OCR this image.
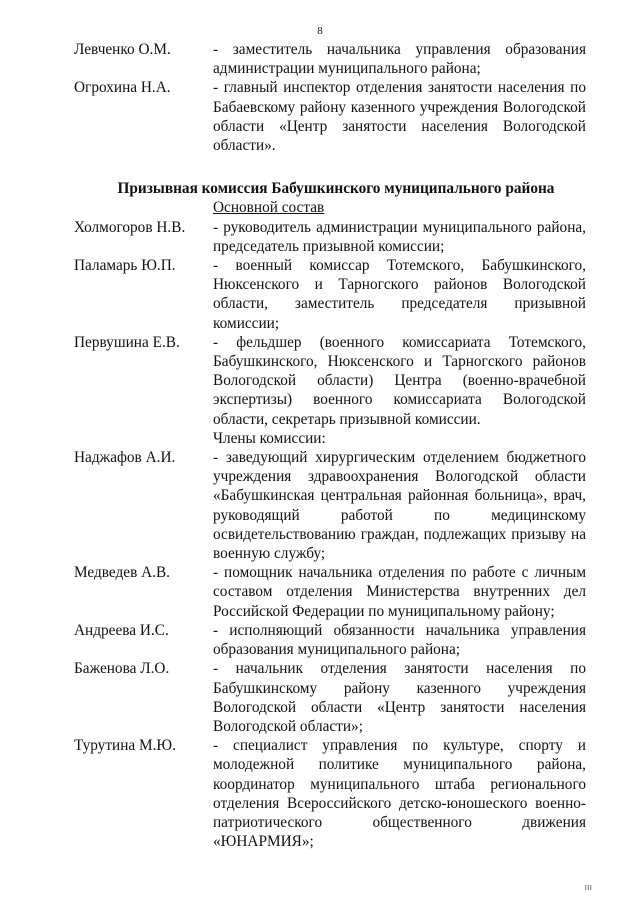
8
Левченко О.М.	- заместитель начальника управления образования администрации муниципального района;
Огрохина Н.А.	- главный инспектор отделения занятости населения по Бабаевскому району казенного учреждения Вологодской области «Центр занятости населения Вологодской области».

Призывная комиссия Бабушкинского муниципального района

Основной состав

Холмогоров Н.В. - руководитель администрации муниципального района, председатель призывной комиссии;
Паламарь Ю.П. - военный комиссар Тотемского, Бабушкинского, Нюксенского и Тарногского районов Вологодской области, заместитель председателя призывной комиссии;
Первушина Е.В. - фельдшер (военного комиссариата Тотемского, Бабушкинского, Нюксенского и Тарногского районов Вологодской области) Центра (военно-врачебной экспертизы) военного комиссариата Вологодской области, секретарь призывной комиссии.

Члены комиссии:

Наджафов А.И. - заведующий хирургическим отделением бюджетного учреждения здравоохранения Вологодской области «Бабушкинская центральная районная больница», врач, руководящий работой по медицинскому освидетельствованию граждан, подлежащих призыву на военную службу;
Медведев А.В.	- помощник начальника отделения по работе с личным составом отделения Министерства внутренних дел Российской Федерации по муниципальному району;
Андреева И.С.	- исполняющий обязанности начальника управления образования муниципального района;
Баженова Л.О.	- начальник отделения занятости населения по Бабушкинскому району казенного учреждения Вологодской области «Центр занятости населения Вологодской области»;
Турутина М.Ю. - специалист управления по культуре, спорту и молодежной политике муниципального района, координатор муниципального штаба регионального отделения Всероссийского детско-юношеского военно-патриотического общественного движения «ЮНАРМИЯ»;
ııı
